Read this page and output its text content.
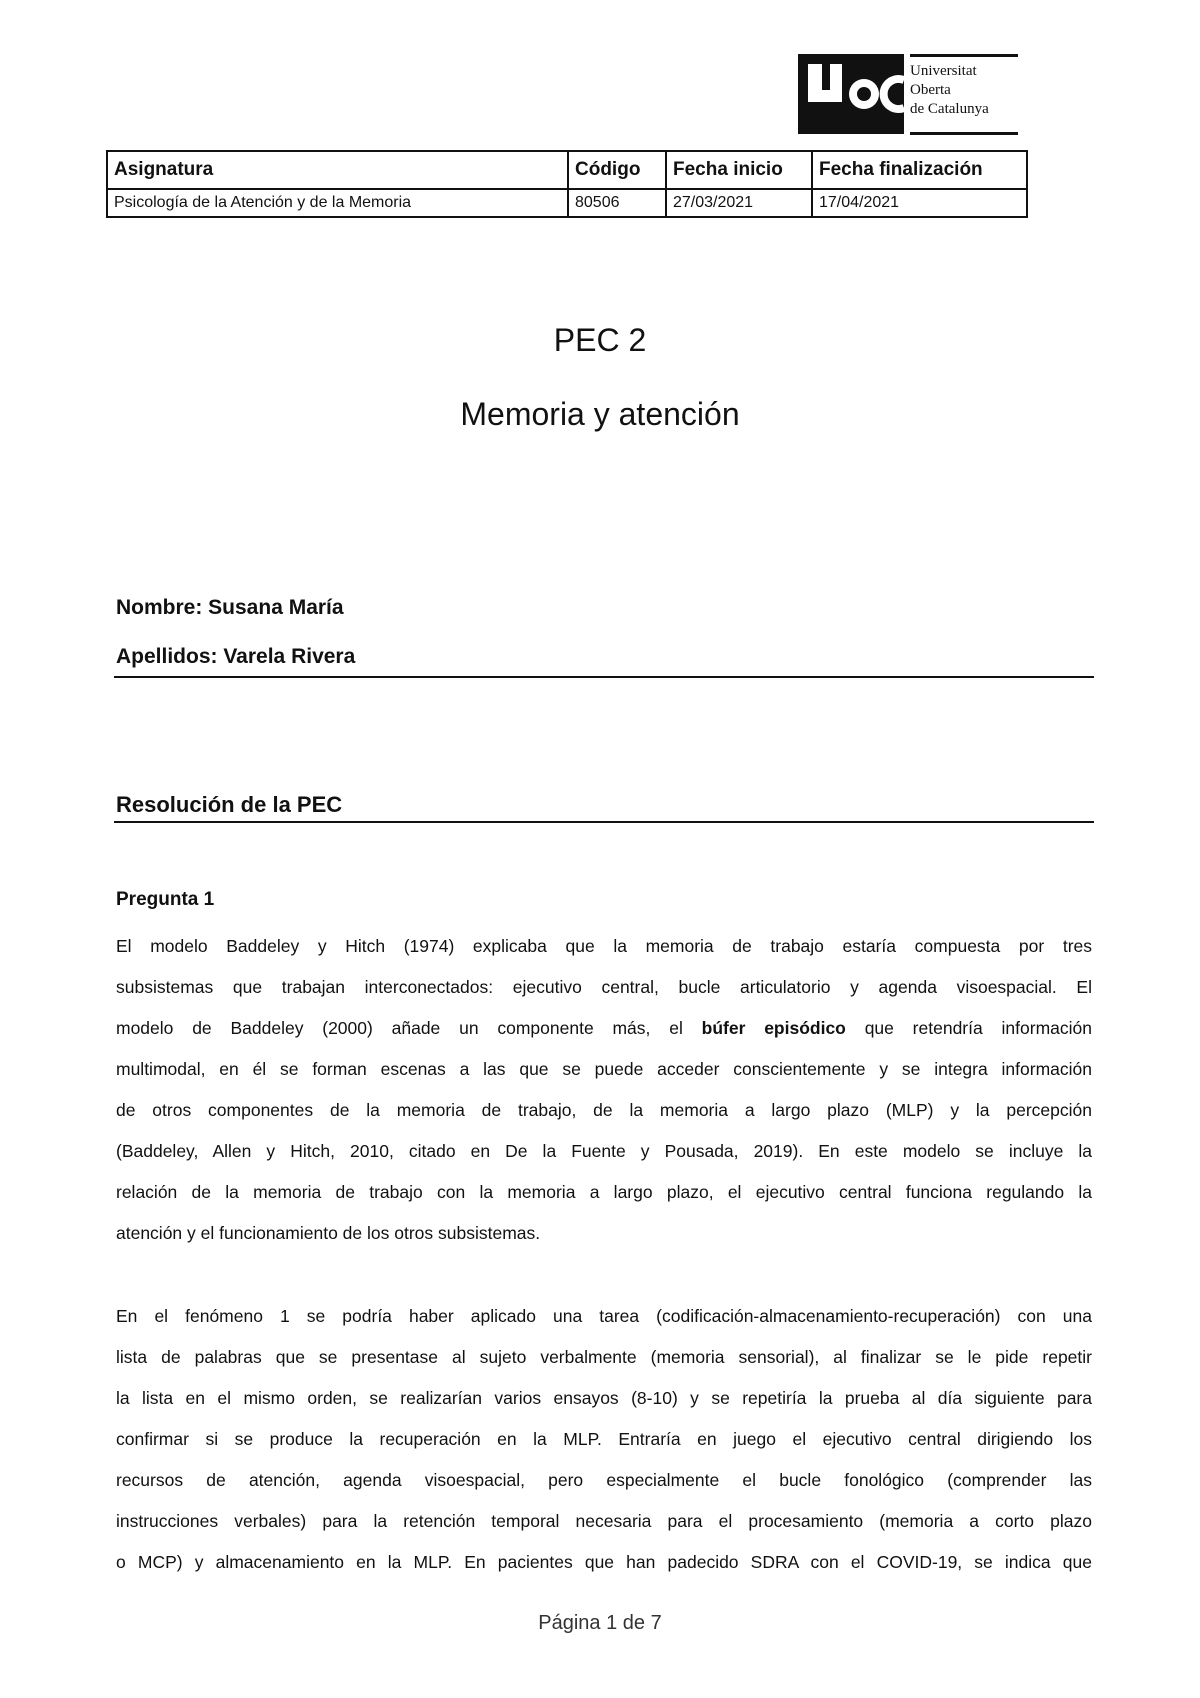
Universitat
Oberta
de Catalunya
Asignatura	Código	Fecha inicio	Fecha finalización
Psicología de la Atención y de la Memoria	80506	27/03/2021	17/04/2021
PEC 2
Memoria y atención
Nombre: Susana María
Apellidos: Varela Rivera
Resolución de la PEC
Pregunta 1

El modelo Baddeley y Hitch (1974) explicaba que la memoria de trabajo estaría compuesta por tres
subsistemas que trabajan interconectados: ejecutivo central, bucle articulatorio y agenda visoespacial. El
modelo de Baddeley (2000) añade un componente más, el búfer episódico que retendría información
multimodal, en él se forman escenas a las que se puede acceder conscientemente y se integra información
de otros componentes de la memoria de trabajo, de la memoria a largo plazo (MLP) y la percepción
(Baddeley, Allen y Hitch, 2010, citado en De la Fuente y Pousada, 2019). En este modelo se incluye la
relación de la memoria de trabajo con la memoria a largo plazo, el ejecutivo central funciona regulando la
atención y el funcionamiento de los otros subsistemas.

En el fenómeno 1 se podría haber aplicado una tarea (codificación-almacenamiento-recuperación) con una
lista de palabras que se presentase al sujeto verbalmente (memoria sensorial), al finalizar se le pide repetir
la lista en el mismo orden, se realizarían varios ensayos (8-10) y se repetiría la prueba al día siguiente para
confirmar si se produce la recuperación en la MLP. Entraría en juego el ejecutivo central dirigiendo los
recursos de atención, agenda visoespacial, pero especialmente el bucle fonológico (comprender las
instrucciones verbales) para la retención temporal necesaria para el procesamiento (memoria a corto plazo
o MCP) y almacenamiento en la MLP. En pacientes que han padecido SDRA con el COVID-19, se indica que

Página 1 de 7
